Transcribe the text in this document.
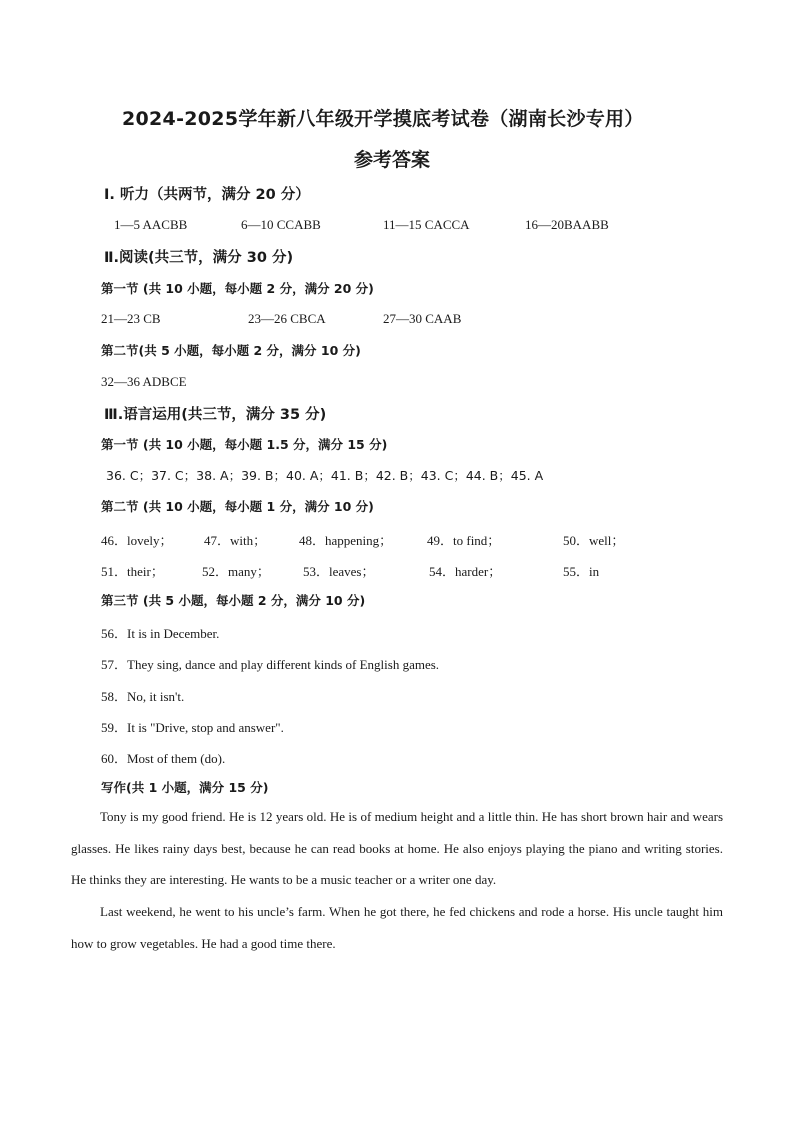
2024-2025学年新八年级开学摸底考试卷（湖南长沙专用）
参考答案
Ⅰ. 听力（共两节，满分 20 分）
1—5 AACBB	6—10 CCABB	11—15 CACCA	16—20BAABB
Ⅱ.阅读(共三节，满分 30 分)
第一节 (共 10 小题，每小题 2 分，满分 20 分)
21—23 CB	23—26 CBCA	27—30 CAAB
第二节(共 5 小题，每小题 2 分，满分 10 分)
32—36 ADBCE
Ⅲ.语言运用(共三节，满分 35 分)
第一节 (共 10 小题，每小题 1.5 分，满分 15 分)
36. C；37. C；38. A；39. B；40. A；41. B；42. B；43. C；44. B；45. A
第二节 (共 10 小题，每小题 1 分，满分 10 分)
46．lovely； 47．with；	48．happening；	49．to find；	50．well；
51．their；	52．many；	53．leaves；	54．harder；	55．in
第三节 (共 5 小题，每小题 2 分，满分 10 分)
56．It is in December.
57．They sing, dance and play different kinds of English games.
58．No, it isn't.
59．It is "Drive, stop and answer".
60．Most of them (do).
写作(共 1 小题，满分 15 分)

Tony is my good friend. He is 12 years old. He is of medium height and a little thin. He has short brown hair and wears glasses. He likes rainy days best, because he can read books at home. He also enjoys playing the piano and writing stories. He thinks they are interesting. He wants to be a music teacher or a writer one day.

Last weekend, he went to his uncle’s farm. When he got there, he fed chickens and rode a horse. His uncle taught him how to grow vegetables. He had a good time there.
